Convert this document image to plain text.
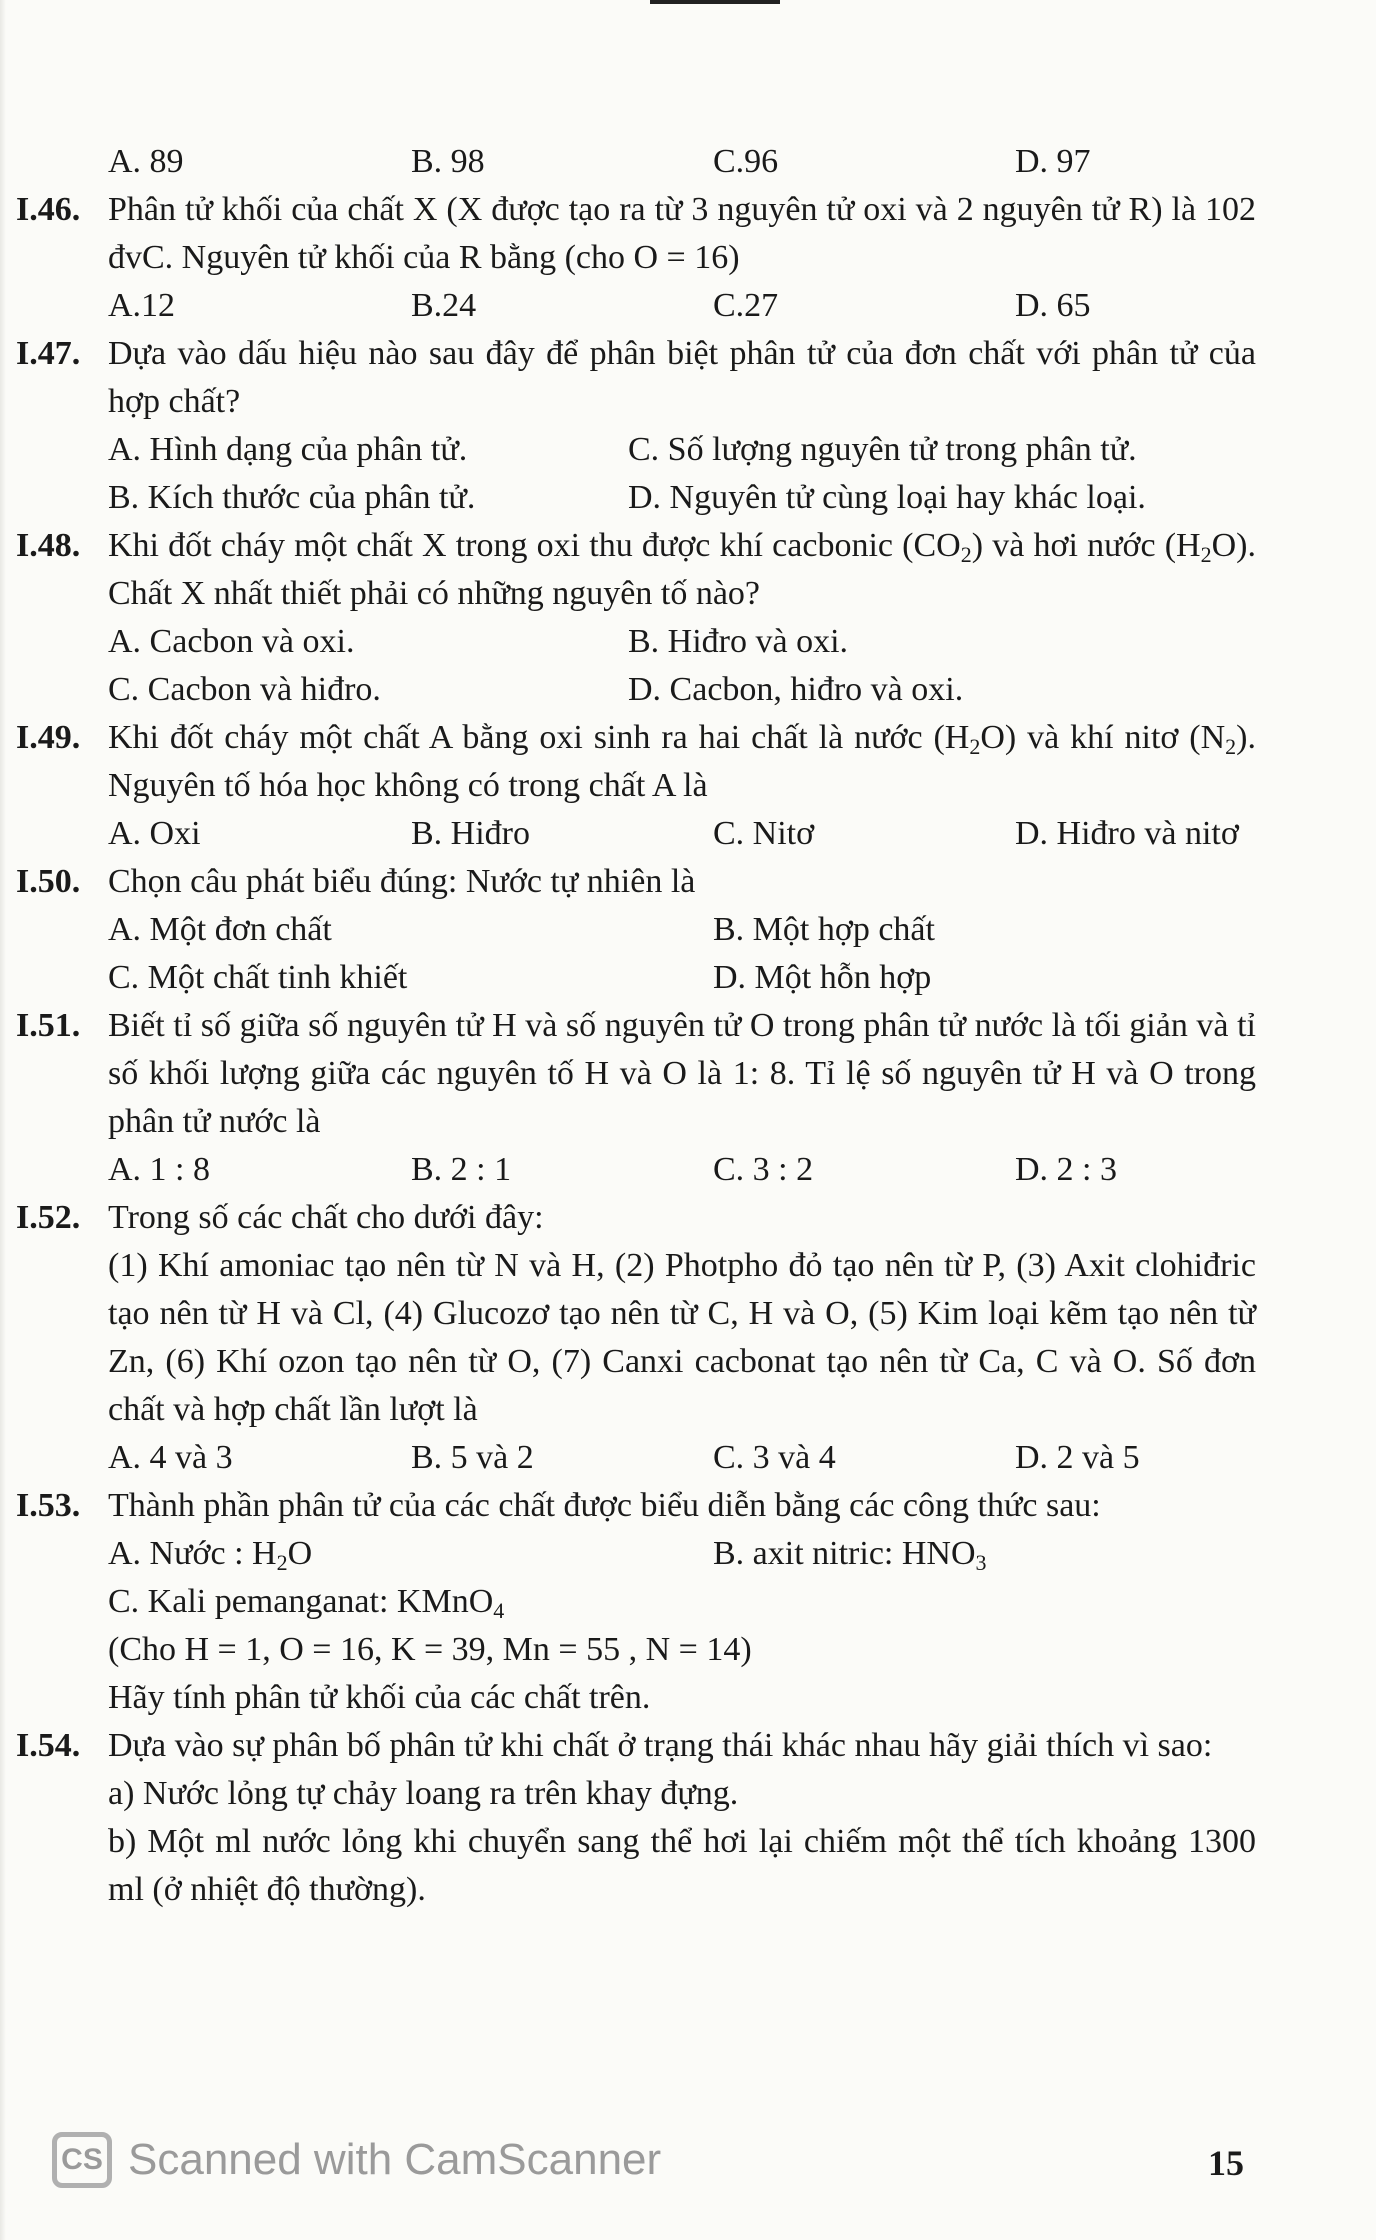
A. 89	B. 98	C.96	D. 97
I.46. Phân tử khối của chất X (X được tạo ra từ 3 nguyên tử oxi và 2 nguyên tử R) là 102 đvC. Nguyên tử khối của R bằng (cho O = 16)
A.12	B.24	C.27	D. 65
I.47. Dựa vào dấu hiệu nào sau đây để phân biệt phân tử của đơn chất với phân tử của hợp chất?
A. Hình dạng của phân tử.	C. Số lượng nguyên tử trong phân tử.
B. Kích thước của phân tử.	D. Nguyên tử cùng loại hay khác loại.
I.48. Khi đốt cháy một chất X trong oxi thu được khí cacbonic $(CO_2)$ và hơi nước $(H_2O)$. Chất X nhất thiết phải có những nguyên tố nào?
A. Cacbon và oxi.	B. Hiđro và oxi.
C. Cacbon và hiđro.	D. Cacbon, hiđro và oxi.
I.49. Khi đốt cháy một chất A bằng oxi sinh ra hai chất là nước $(H_2O)$ và khí nitơ $(N_2)$. Nguyên tố hóa học không có trong chất A là
A. Oxi	B. Hiđro	C. Nitơ	D. Hiđro và nitơ
I.50. Chọn câu phát biểu đúng: Nước tự nhiên là
A. Một đơn chất	B. Một hợp chất
C. Một chất tinh khiết	D. Một hỗn hợp
I.51. Biết tỉ số giữa số nguyên tử H và số nguyên tử O trong phân tử nước là tối giản và tỉ số khối lượng giữa các nguyên tố H và O là 1: 8. Tỉ lệ số nguyên tử H và O trong phân tử nước là
A. 1 : 8	B. 2 : 1	C. 3 : 2	D. 2 : 3
I.52. Trong số các chất cho dưới đây:
(1) Khí amoniac tạo nên từ N và H, (2) Photpho đỏ tạo nên từ P, (3) Axit clohiđric tạo nên từ H và Cl, (4) Glucozơ tạo nên từ C, H và O, (5) Kim loại kẽm tạo nên từ Zn, (6) Khí ozon tạo nên từ O, (7) Canxi cacbonat tạo nên từ Ca, C và O. Số đơn chất và hợp chất lần lượt là
A. 4 và 3	B. 5 và 2	C. 3 và 4	D. 2 và 5
I.53. Thành phần phân tử của các chất được biểu diễn bằng các công thức sau:
A. Nước : $H_2O$	B. axit nitric: $HNO_3$
C. Kali pemanganat: KMnO$_4$
(Cho H = 1, O = 16, K = 39, Mn = 55 , N = 14)
Hãy tính phân tử khối của các chất trên.
I.54. Dựa vào sự phân bố phân tử khi chất ở trạng thái khác nhau hãy giải thích vì sao:
a) Nước lỏng tự chảy loang ra trên khay đựng.
b) Một ml nước lỏng khi chuyển sang thể hơi lại chiếm một thể tích khoảng 1300 ml (ở nhiệt độ thường).
CS Scanned with CamScanner	15
